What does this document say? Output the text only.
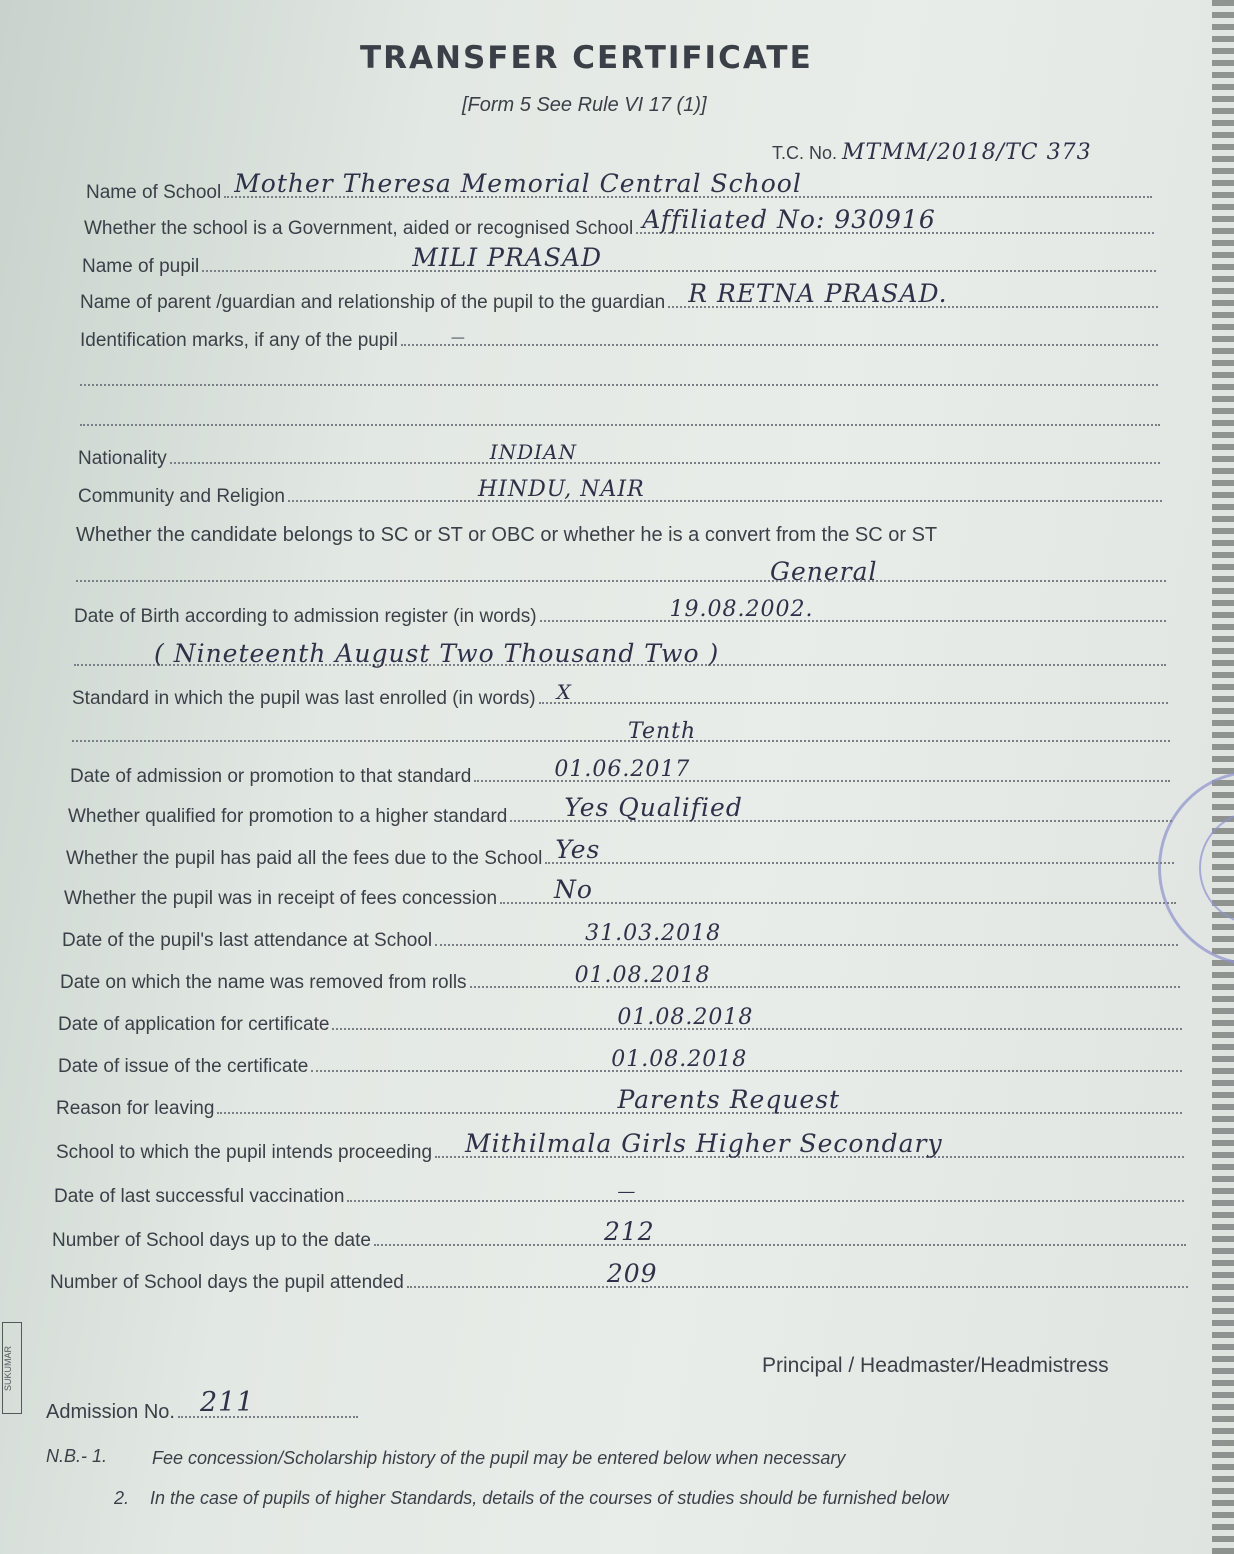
TRANSFER CERTIFICATE
[Form 5 See Rule VI 17 (1)]
T.C. No. MTMM/2018/TC 373
Name of School Mother Theresa Memorial Central School
Whether the school is a Government, aided or recognised School Affiliated No: 930916
Name of pupil	MILI PRASAD
Name of parent /guardian and relationship of the pupil to the guardian R RETNA PRASAD.
Identification marks, if any of the pupil	—
Nationality	INDIAN
Community and Religion	HINDU, NAIR
Whether the candidate belongs to SC or ST or OBC or whether he is a convert from the SC or ST
General
Date of Birth according to admission register (in words)	19.08.2002.
( Nineteenth August Two Thousand Two )
Standard in which the pupil was last enrolled (in words) X
Tenth
Date of admission or promotion to that standard	01.06.2017
Whether qualified for promotion to a higher standard Yes Qualified
Whether the pupil has paid all the fees due to the School Yes
Whether the pupil was in receipt of fees concession No
Date of the pupil's last attendance at School	31.03.2018
Date on which the name was removed from rolls	01.08.2018
Date of application for certificate	01.08.2018
Date of issue of the certificate	01.08.2018
Reason for leaving	Parents Request
School to which the pupil intends proceeding Mithilmala Girls Higher Secondary
Date of last successful vaccination	—
Number of School days up to the date	212
Number of School days the pupil attended	209
Principal / Headmaster/Headmistress
SUKUMAR
Admission No. 211
N.B.- 1. Fee concession/Scholarship history of the pupil may be entered below when necessary
2. In the case of pupils of higher Standards, details of the courses of studies should be furnished below
